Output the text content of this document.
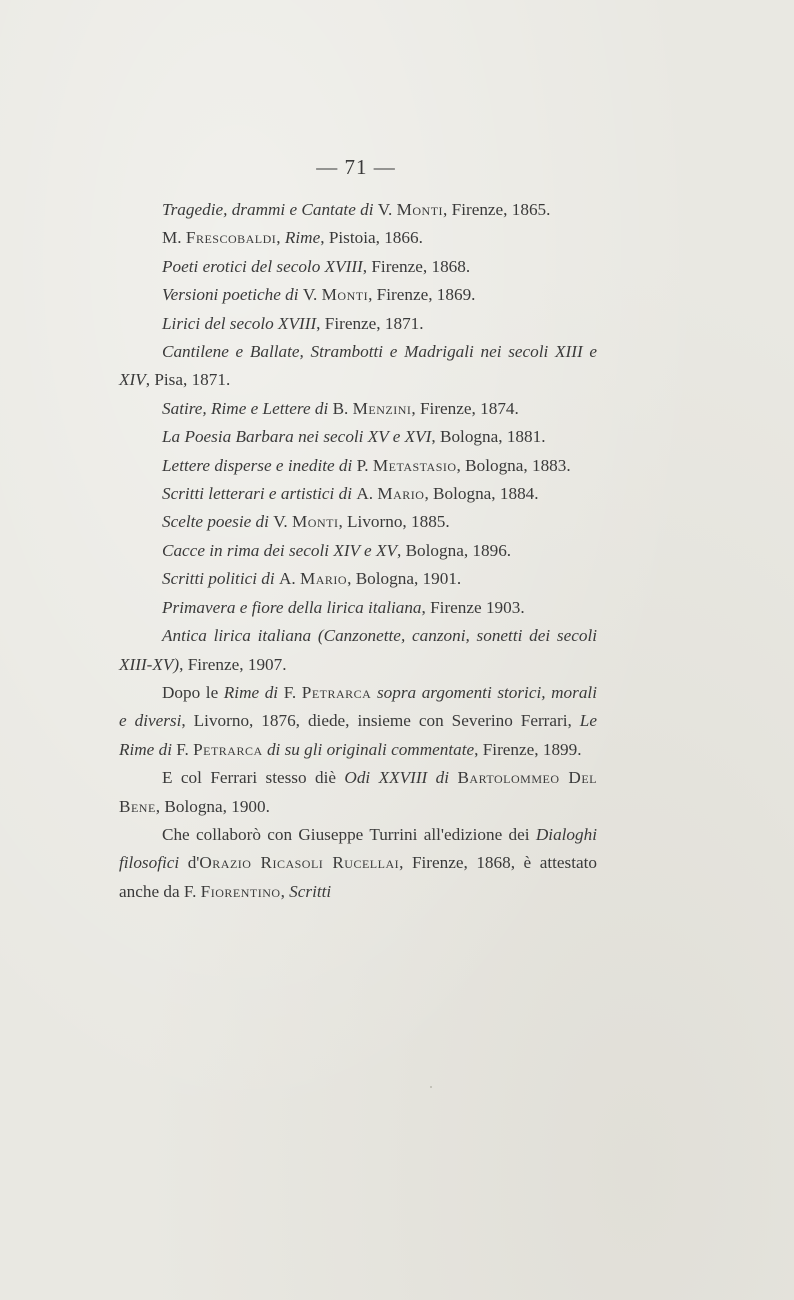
— 71 —

Tragedie, drammi e Cantate di V. Monti, Firenze, 1865.

M. Frescobaldi, Rime, Pistoia, 1866.

Poeti erotici del secolo XVIII, Firenze, 1868.

Versioni poetiche di V. Monti, Firenze, 1869.

Lirici del secolo XVIII, Firenze, 1871.

Cantilene e Ballate, Strambotti e Madrigali nei secoli XIII e XIV, Pisa, 1871.

Satire, Rime e Lettere di B. Menzini, Firenze, 1874.

La Poesia Barbara nei secoli XV e XVI, Bologna, 1881.

Lettere disperse e inedite di P. Metastasio, Bologna, 1883.

Scritti letterari e artistici di A. Mario, Bologna, 1884.

Scelte poesie di V. Monti, Livorno, 1885.

Cacce in rima dei secoli XIV e XV, Bologna, 1896.

Scritti politici di A. Mario, Bologna, 1901.

Primavera e fiore della lirica italiana, Firenze 1903.

Antica lirica italiana (Canzonette, canzoni, sonetti dei secoli XIII-XV), Firenze, 1907.

Dopo le Rime di F. Petrarca sopra argomenti storici, morali e diversi, Livorno, 1876, diede, insieme con Severino Ferrari, Le Rime di F. Petrarca di su gli originali commentate, Firenze, 1899.

E col Ferrari stesso diè Odi XXVIII di Bartolommeo Del Bene, Bologna, 1900.

Che collaborò con Giuseppe Turrini all'edizione dei Dialoghi filosofici d'Orazio Ricasoli Rucellai, Firenze, 1868, è attestato anche da F. Fiorentino, Scritti
